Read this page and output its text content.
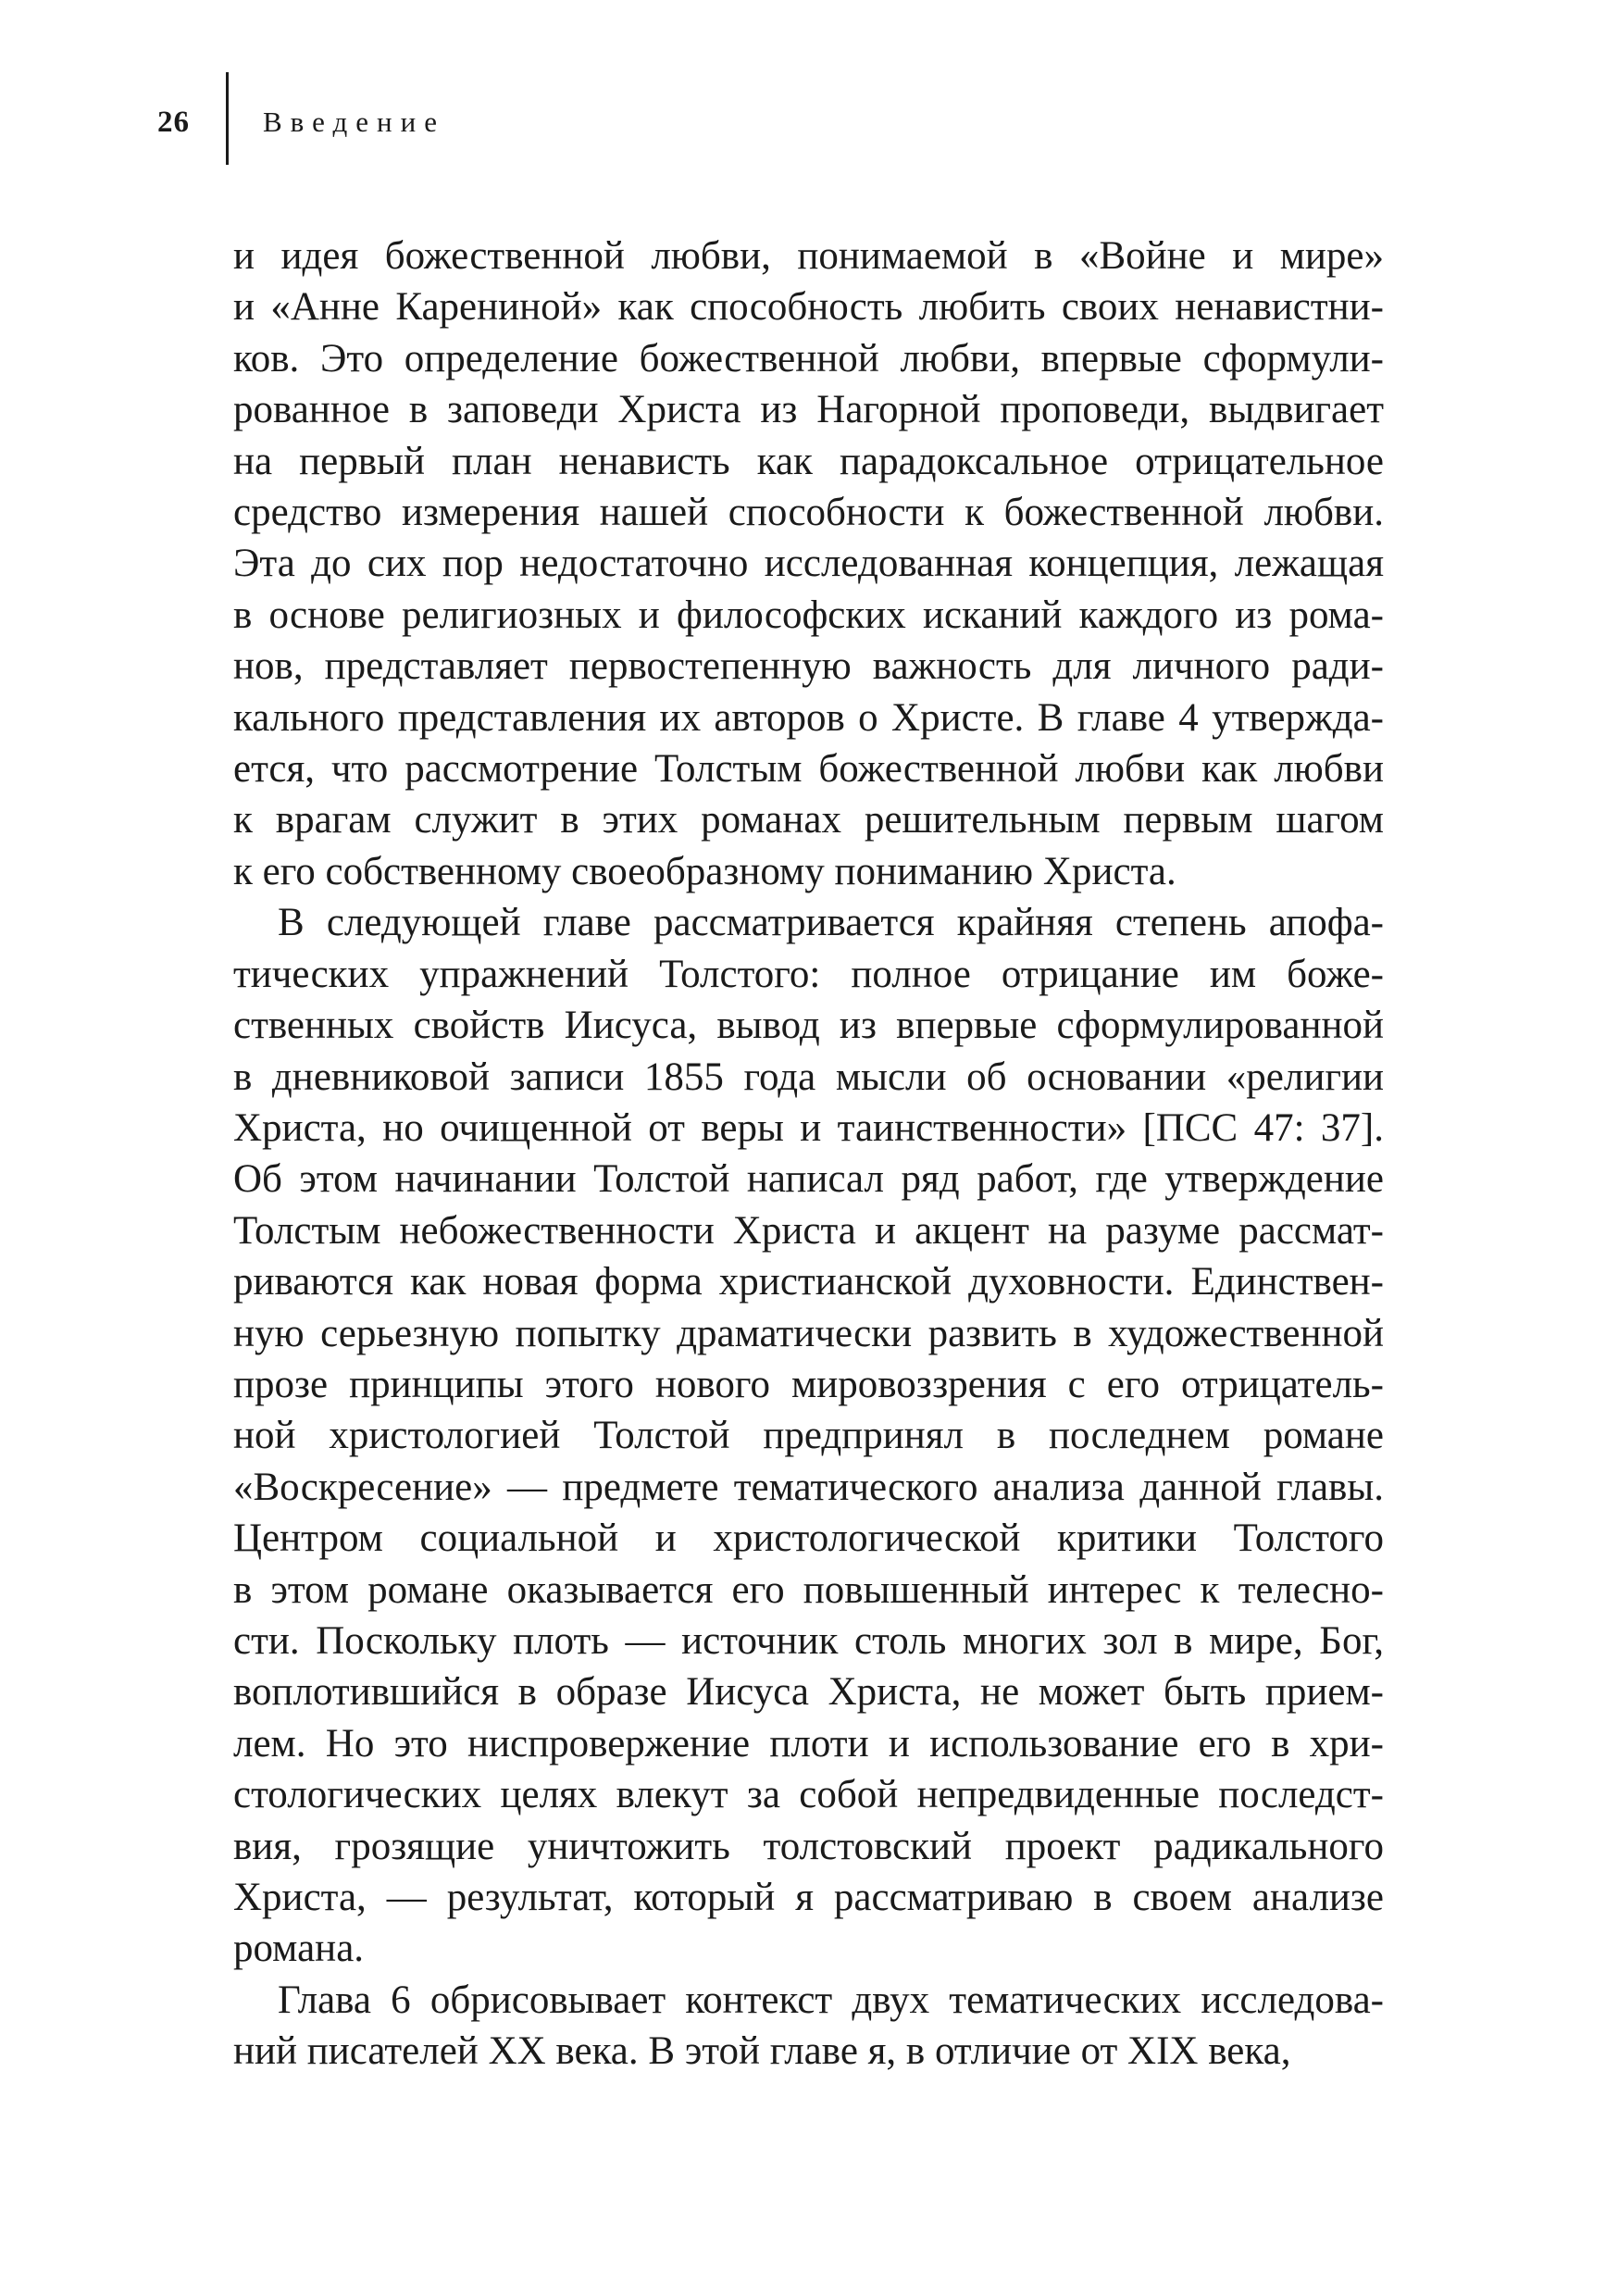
26	Введение

и идея божественной любви, понимаемой в «Войне и мире»
и «Анне Карениной» как способность любить своих ненавистни-
ков. Это определение божественной любви, впервые сформули-
рованное в заповеди Христа из Нагорной проповеди, выдвигает
на первый план ненависть как парадоксальное отрицательное
средство измерения нашей способности к божественной любви.
Эта до сих пор недостаточно исследованная концепция, лежащая
в основе религиозных и философских исканий каждого из рома-
нов, представляет первостепенную важность для личного ради-
кального представления их авторов о Христе. В главе 4 утвержда-
ется, что рассмотрение Толстым божественной любви как любви
к врагам служит в этих романах решительным первым шагом
к его собственному своеобразному пониманию Христа.

В следующей главе рассматривается крайняя степень апофа-
тических упражнений Толстого: полное отрицание им боже-
ственных свойств Иисуса, вывод из впервые сформулированной
в дневниковой записи 1855 года мысли об основании «религии
Христа, но очищенной от веры и таинственности» [ПСС 47: 37].
Об этом начинании Толстой написал ряд работ, где утверждение
Толстым небожественности Христа и акцент на разуме рассмат-
риваются как новая форма христианской духовности. Единствен-
ную серьезную попытку драматически развить в художественной
прозе принципы этого нового мировоззрения с его отрицатель-
ной христологией Толстой предпринял в последнем романе
«Воскресение» — предмете тематического анализа данной главы.
Центром социальной и христологической критики Толстого
в этом романе оказывается его повышенный интерес к телесно-
сти. Поскольку плоть — источник столь многих зол в мире, Бог,
воплотившийся в образе Иисуса Христа, не может быть прием-
лем. Но это ниспровержение плоти и использование его в хри-
стологических целях влекут за собой непредвиденные последст-
вия, грозящие уничтожить толстовский проект радикального
Христа, — результат, который я рассматриваю в своем анализе
романа.

Глава 6 обрисовывает контекст двух тематических исследова-
ний писателей XX века. В этой главе я, в отличие от XIX века,
